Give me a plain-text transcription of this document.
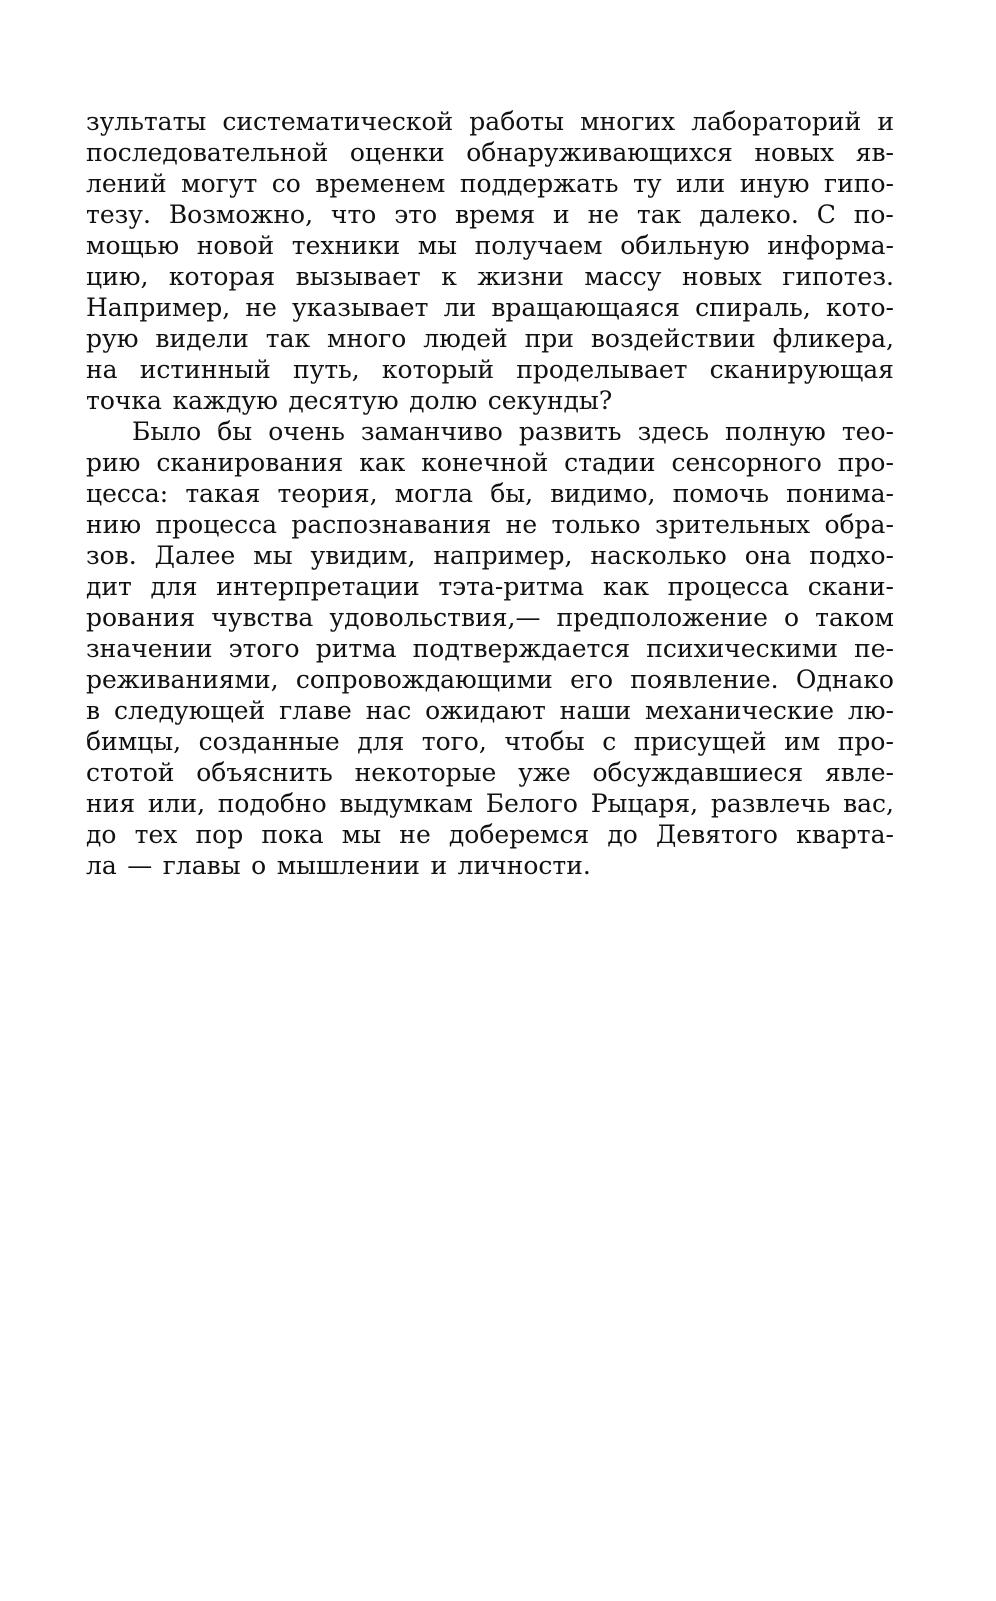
зультаты систематической работы многих лабораторий и
последовательной оценки обнаруживающихся новых яв-
лений могут со временем поддержать ту или иную гипо-
тезу. Возможно, что это время и не так далеко. С по-
мощью новой техники мы получаем обильную информа-
цию, которая вызывает к жизни массу новых гипотез.
Например, не указывает ли вращающаяся спираль, кото-
рую видели так много людей при воздействии фликера,
на истинный путь, который проделывает сканирующая
точка каждую десятую долю секунды?
Было бы очень заманчиво развить здесь полную тео-
рию сканирования как конечной стадии сенсорного про-
цесса: такая теория, могла бы, видимо, помочь понима-
нию процесса распознавания не только зрительных обра-
зов. Далее мы увидим, например, насколько она подхо-
дит для интерпретации тэта-ритма как процесса скани-
рования чувства удовольствия,— предположение о таком
значении этого ритма подтверждается психическими пе-
реживаниями, сопровождающими его появление. Однако
в следующей главе нас ожидают наши механические лю-
бимцы, созданные для того, чтобы с присущей им про-
стотой объяснить некоторые уже обсуждавшиеся явле-
ния или, подобно выдумкам Белого Рыцаря, развлечь вас,
до тех пор пока мы не доберемся до Девятого кварта-
ла — главы о мышлении и личности.
